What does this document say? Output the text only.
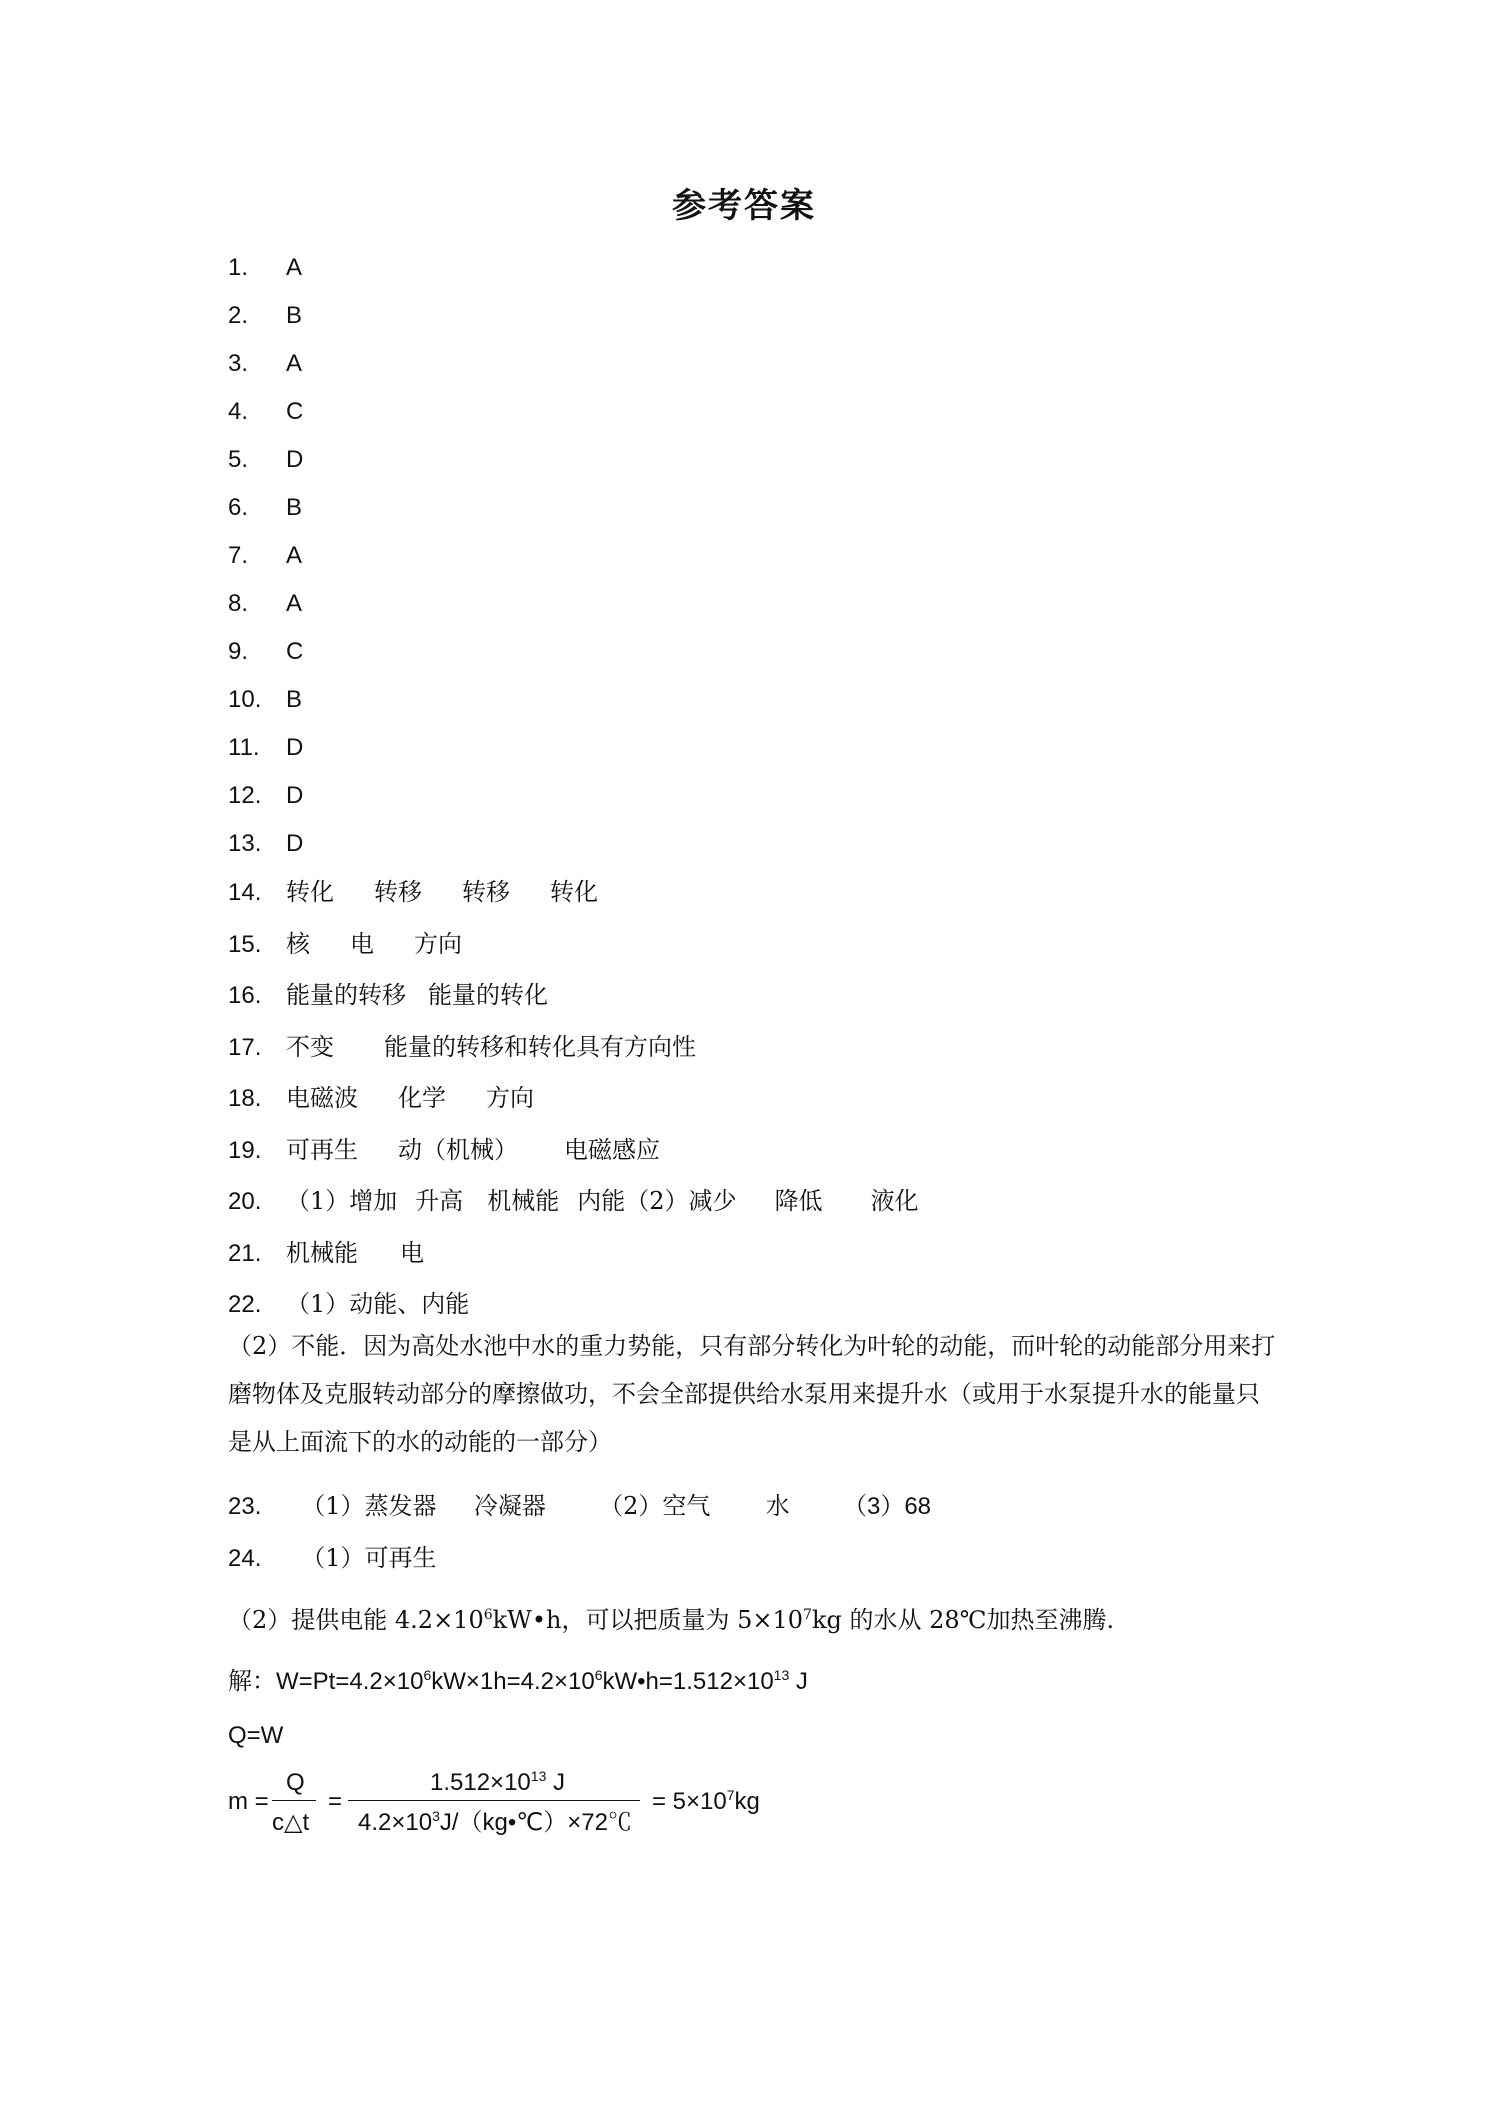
参考答案
1. A
2. B
3. A
4. C
5. D
6. B
7. A
8. A
9. C
10. B
11. D
12. D
13. D
14. 转化 转移 转移 转化
15. 核 电 方向
16. 能量的转移 能量的转化
17. 不变 能量的转移和转化具有方向性
18. 电磁波 化学 方向
19. 可再生 动（机械） 电磁感应
20. （1）增加 升高 机械能 内能（2）减少 降低 液化
21. 机械能 电
22. （1）动能、内能
（2）不能．因为高处水池中水的重力势能，只有部分转化为叶轮的动能，而叶轮的动能部分用来打磨物体及克服转动部分的摩擦做功，不会全部提供给水泵用来提升水（或用于水泵提升水的能量只是从上面流下的水的动能的一部分）
23. （1）蒸发器 冷凝器 （2）空气 水 （3）68
24. （1）可再生
（2）提供电能 $4.2\times 10^6kW•h$，可以把质量为 $5\times 10^7kg$ 的水从 28℃加热至沸腾.
解：$W=Pt=4.2\times 10^6kW\times 1h=4.2\times 10^6kW•h=1.512\times 10^{13}$ J
Q=W
m =
Q
c△t
=
$1.512\times 10^{13}$ J
$4.2\times 10^3J/(kg•℃)\times 72℃$
= $5\times 10^7kg$
